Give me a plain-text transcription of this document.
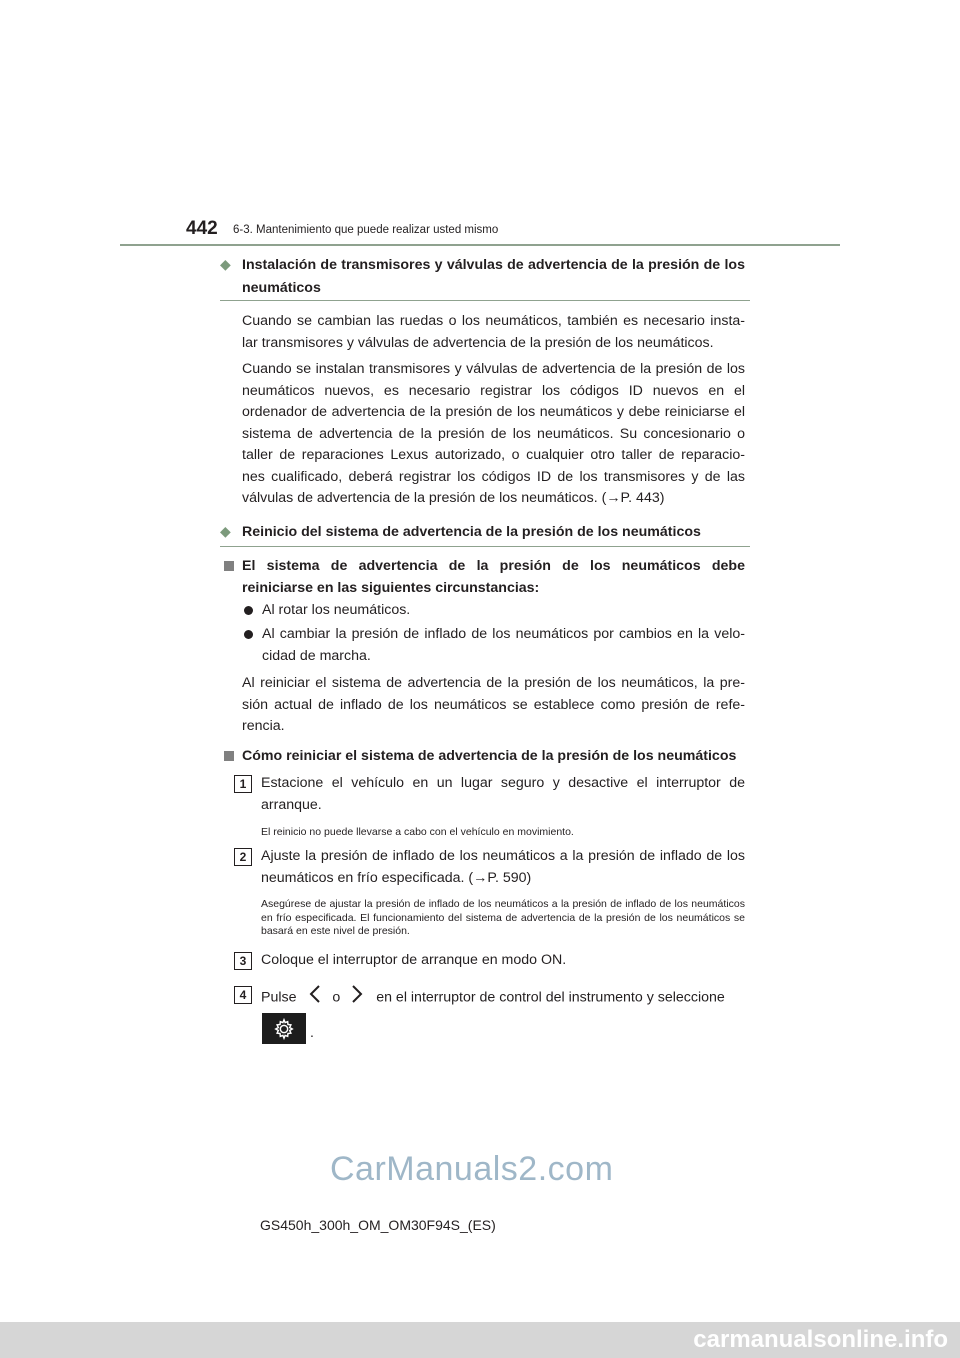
442 6-3. Mantenimiento que puede realizar usted mismo
◆ Instalación de transmisores y válvulas de advertencia de la presión de los neumáticos
Cuando se cambian las ruedas o los neumáticos, también es necesario insta- lar transmisores y válvulas de advertencia de la presión de los neumáticos.
Cuando se instalan transmisores y válvulas de advertencia de la presión de los neumáticos nuevos, es necesario registrar los códigos ID nuevos en el ordenador de advertencia de la presión de los neumáticos y debe reiniciarse el sistema de advertencia de la presión de los neumáticos. Su concesionario o taller de reparaciones Lexus autorizado, o cualquier otro taller de reparacio- nes cualificado, deberá registrar los códigos ID de los transmisores y de las válvulas de advertencia de la presión de los neumáticos. (→P. 443)
◆ Reinicio del sistema de advertencia de la presión de los neumáticos
El sistema de advertencia de la presión de los neumáticos debe reiniciarse en las siguientes circunstancias:
Al rotar los neumáticos.
Al cambiar la presión de inflado de los neumáticos por cambios en la velo- cidad de marcha.
Al reiniciar el sistema de advertencia de la presión de los neumáticos, la pre- sión actual de inflado de los neumáticos se establece como presión de refe- rencia.
Cómo reiniciar el sistema de advertencia de la presión de los neumáticos
1	Estacione el vehículo en un lugar seguro y desactive el interruptor de arranque.
El reinicio no puede llevarse a cabo con el vehículo en movimiento.
2	Ajuste la presión de inflado de los neumáticos a la presión de inflado de los neumáticos en frío especificada. (→P. 590)
Asegúrese de ajustar la presión de inflado de los neumáticos a la presión de inflado de los neumáticos en frío especificada. El funcionamiento del sistema de advertencia de la presión de los neumáticos se basará en este nivel de presión.
3	Coloque el interruptor de arranque en modo ON.
4	Pulse	o	en el interruptor de control del instrumento y seleccione
.
CarManuals2.com
GS450h_300h_OM_OM30F94S_(ES)
carmanualsonline.info
